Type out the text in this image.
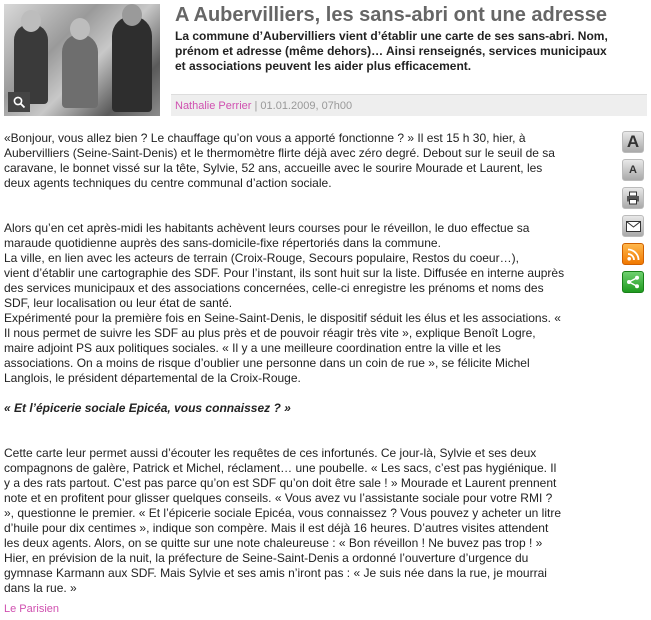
A Aubervilliers, les sans-abri ont une adresse
La commune d’Aubervilliers vient d’établir une carte de ses sans-abri. Nom,
prénom et adresse (même dehors)… Ainsi renseignés, services municipaux
et associations peuvent les aider plus efficacement.
Nathalie Perrier | 01.01.2009, 07h00

«Bonjour, vous allez bien ? Le chauffage qu’on vous a apporté fonctionne ? » Il est 15 h 30, hier, à
Aubervilliers (Seine-Saint-Denis) et le thermomètre flirte déjà avec zéro degré. Debout sur le seuil de sa
caravane, le bonnet vissé sur la tête, Sylvie, 52 ans, accueille avec le sourire Mourade et Laurent, les
deux agents techniques du centre communal d’action sociale.

Alors qu’en cet après-midi les habitants achèvent leurs courses pour le réveillon, le duo effectue sa
maraude quotidienne auprès des sans-domicile-fixe répertoriés dans la commune.
La ville, en lien avec les acteurs de terrain (Croix-Rouge, Secours populaire, Restos du coeur…),
vient d’établir une cartographie des SDF. Pour l’instant, ils sont huit sur la liste. Diffusée en interne auprès
des services municipaux et des associations concernées, celle-ci enregistre les prénoms et noms des
SDF, leur localisation ou leur état de santé.
Expérimenté pour la première fois en Seine-Saint-Denis, le dispositif séduit les élus et les associations. «
Il nous permet de suivre les SDF au plus près et de pouvoir réagir très vite », explique Benoît Logre,
maire adjoint PS aux politiques sociales. « Il y a une meilleure coordination entre la ville et les
associations. On a moins de risque d’oublier une personne dans un coin de rue », se félicite Michel
Langlois, le président départemental de la Croix-Rouge.

« Et l’épicerie sociale Epicéa, vous connaissez ? »

Cette carte leur permet aussi d’écouter les requêtes de ces infortunés. Ce jour-là, Sylvie et ses deux
compagnons de galère, Patrick et Michel, réclament… une poubelle. « Les sacs, c’est pas hygiénique. Il
y a des rats partout. C’est pas parce qu’on est SDF qu’on doit être sale ! » Mourade et Laurent prennent
note et en profitent pour glisser quelques conseils. « Vous avez vu l’assistante sociale pour votre RMI ?
», questionne le premier. « Et l’épicerie sociale Epicéa, vous connaissez ? Vous pouvez y acheter un litre
d’huile pour dix centimes », indique son compère. Mais il est déjà 16 heures. D’autres visites attendent
les deux agents. Alors, on se quitte sur une note chaleureuse : « Bon réveillon ! Ne buvez pas trop ! »
Hier, en prévision de la nuit, la préfecture de Seine-Saint-Denis a ordonné l’ouverture d’urgence du
gymnase Karmann aux SDF. Mais Sylvie et ses amis n’iront pas : « Je suis née dans la rue, je mourrai
dans la rue. »

Le Parisien
A
A
